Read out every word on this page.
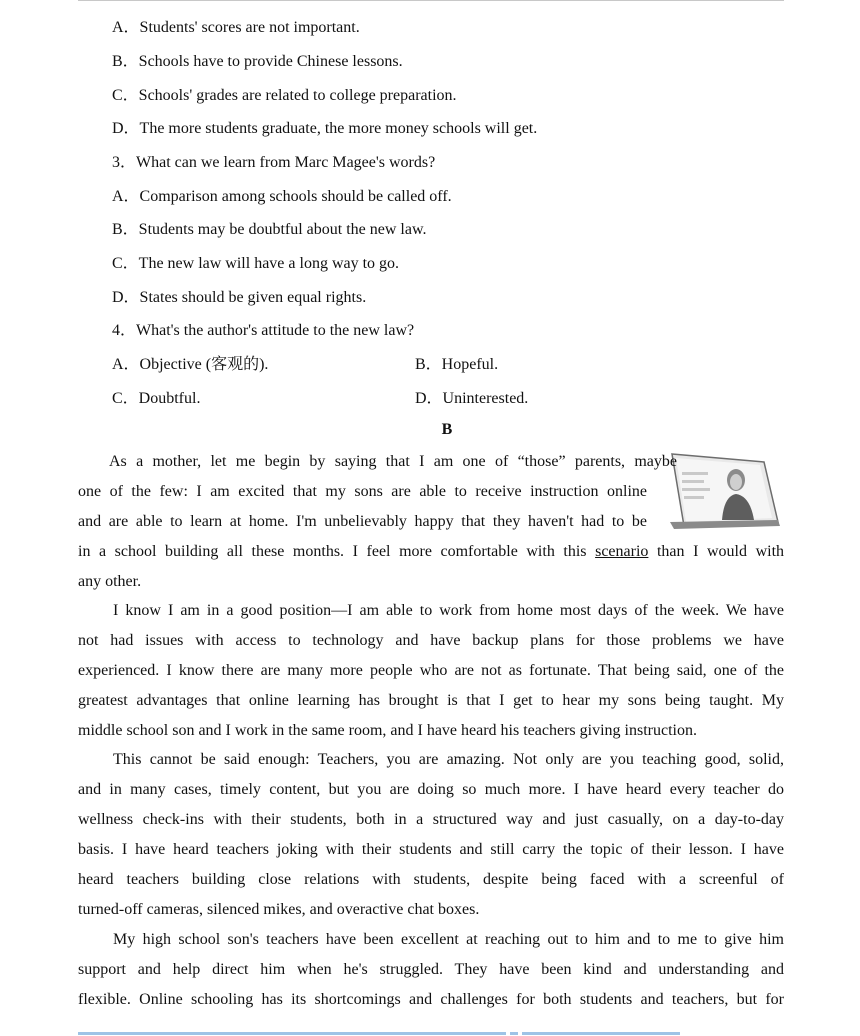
A．Students' scores are not important.
B．Schools have to provide Chinese lessons.
C．Schools' grades are related to college preparation.
D．The more students graduate, the more money schools will get.
3．What can we learn from Marc Magee's words?
A．Comparison among schools should be called off.
B．Students may be doubtful about the new law.
C．The new law will have a long way to go.
D．States should be given equal rights.
4．What's the author's attitude to the new law?
A．Objective (客观的).	B．Hopeful.
C．Doubtful.	D．Uninterested.
B
As a mother, let me begin by saying that I am one of “those” parents, maybe
one of the few: I am excited that my sons are able to receive instruction online
and are able to learn at home. I'm unbelievably happy that they haven't had to be
in a school building all these months. I feel more comfortable with this scenario than I would with
any other.
I know I am in a good position—I am able to work from home most days of the week. We have
not had issues with access to technology and have backup plans for those problems we have
experienced. I know there are many more people who are not as fortunate. That being said, one of the
greatest advantages that online learning has brought is that I get to hear my sons being taught. My
middle school son and I work in the same room, and I have heard his teachers giving instruction.
This cannot be said enough: Teachers, you are amazing. Not only are you teaching good, solid,
and in many cases, timely content, but you are doing so much more. I have heard every teacher do
wellness check-ins with their students, both in a structured way and just casually, on a day-to-day
basis. I have heard teachers joking with their students and still carry the topic of their lesson. I have
heard teachers building close relations with students, despite being faced with a screenful of
turned-off cameras, silenced mikes, and overactive chat boxes.
My high school son's teachers have been excellent at reaching out to him and to me to give him
support and help direct him when he's struggled. They have been kind and understanding and
flexible. Online schooling has its shortcomings and challenges for both students and teachers, but for
